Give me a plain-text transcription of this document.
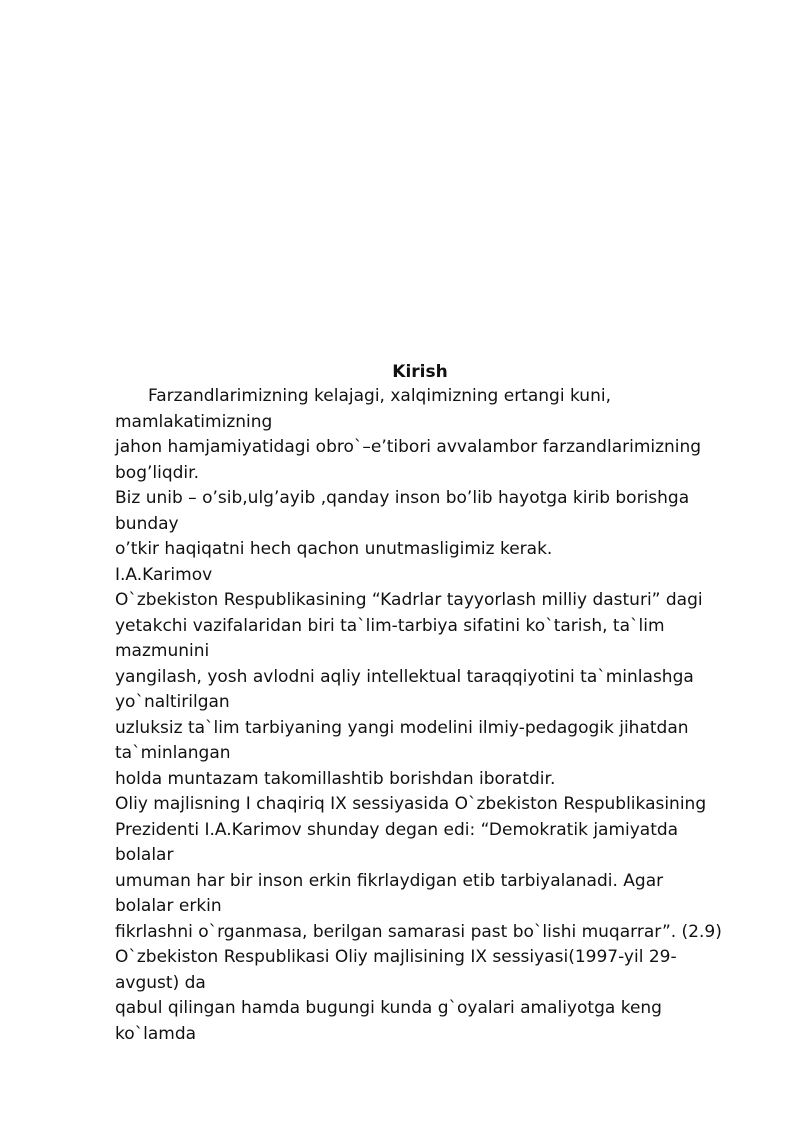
Kirish
Farzandlarimizning kelajagi, xalqimizning ertangi kuni,
mamlakatimizning
jahon hamjamiyatidagi obro`–e’tibori avvalambor farzandlarimizning
bog’liqdir.
Biz unib – o’sib,ulg’ayib ,qanday inson bo’lib hayotga kirib borishga
bunday
o’tkir haqiqatni hech qachon unutmasligimiz kerak.
I.A.Karimov
O`zbekiston Respublikasining “Kadrlar tayyorlash milliy dasturi” dagi
yetakchi vazifalaridan biri ta`lim-tarbiya sifatini ko`tarish, ta`lim
mazmunini
yangilash, yosh avlodni aqliy intellektual taraqqiyotini ta`minlashga
yo`naltirilgan
uzluksiz ta`lim tarbiyaning yangi modelini ilmiy-pedagogik jihatdan
ta`minlangan
holda muntazam takomillashtib borishdan iboratdir.
Oliy majlisning I chaqiriq IX sessiyasida O`zbekiston Respublikasining
Prezidenti I.A.Karimov shunday degan edi: “Demokratik jamiyatda
bolalar
umuman har bir inson erkin fikrlaydigan etib tarbiyalanadi. Agar
bolalar erkin
fikrlashni o`rganmasa, berilgan samarasi past bo`lishi muqarrar”. (2.9)
O`zbekiston Respublikasi Oliy majlisining IX sessiyasi(1997-yil 29-
avgust) da
qabul qilingan hamda bugungi kunda g`oyalari amaliyotga keng
ko`lamda
